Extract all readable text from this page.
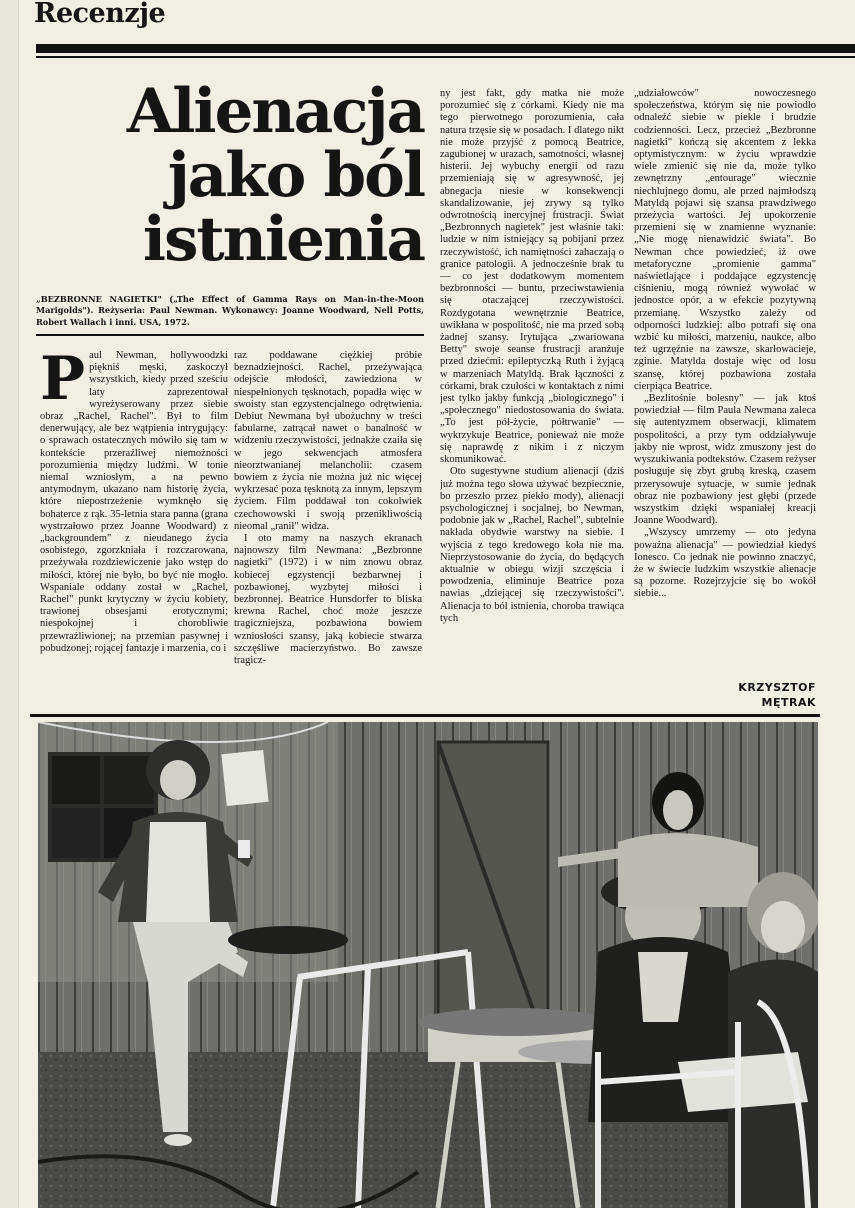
Recenzje
Alienacja
jako ból
istnienia

„BEZBRONNE NAGIETKI" („The Effect of Gamma Rays on Man-in-the-Moon Marigolds"). Reżyseria: Paul Newman. Wykonawcy: Joanne Woodward, Nell Potts, Robert Wallach i inni. USA, 1972.

P aul Newman, hollywoodzki piękniś męski, zaskoczył wszystkich, kiedy przed sześciu laty zaprezentował wyreżyserowany przez siebie obraz „Rachel, Rachel". Był to film denerwujący, ale bez wątpienia intrygujący: o sprawach ostatecznych mówiło się tam w kontekście przeraźliwej niemożności porozumienia między ludźmi. W tonie niemal wzniosłym, a na pewno antymodnym, ukazano nam historię życia, które niepostrzeżenie wymknęło się bohaterce z rąk. 35-letnia stara panna (grana wystrzałowo przez Joanne Woodward) z „backgroundem" z nieudanego życia osobistego, zgorzkniała i rozczarowana, przeżywała rozdziewiczenie jako wstęp do miłości, której nie było, bo być nie mogło. Wspaniale oddany został w „Rachel, Rachel" punkt krytyczny w życiu kobiety, trawionej obsesjami erotycznymi; niespokojnej i chorobliwie przewrażliwionej; na przemian pasywnej i pobudzonej; rojącej fantazje i marzenia, co i

raz poddawane ciężkiej próbie beznadziejności. Rachel, przeżywająca odejście młodości, zawiedziona w niespełnionych tęsknotach, popadła więc w swoisty stan egzystencjalnego odrętwienia. Debiut Newmana był ubożuchny w treści fabularne, zatrącał nawet o banalność w widzeniu rzeczywistości, jednakże czaiła się w jego sekwencjach atmosfera nieorztwanianej melancholii: czasem bowiem z życia nie można już nic więcej wykrzesać poza tęsknotą za innym, lepszym życiem. Film poddawał ton cokolwiek czechowowski i swoją przenikliwością nieomal „ranił" widza.

I oto mamy na naszych ekranach najnowszy film Newmana: „Bezbronne nagietki" (1972) i w nim znowu obraz kobiecej egzystencji bezbarwnej i pozbawionej, wyzbytej miłości i bezbronnej. Beatrice Hunsdorfer to bliska krewna Rachel, choć może jeszcze tragiczniejsza, pozbawiona bowiem wzniosłości szansy, jaką kobiecie stwarza szczęśliwe macierzyństwo. Bo zawsze tragicz-

ny jest fakt, gdy matka nie może porozumieć się z córkami. Kiedy nie ma tego pierwotnego porozumienia, cała natura trzęsie się w posadach. I dlatego nikt nie może przyjść z pomocą Beatrice, zagubionej w urazach, samotności, własnej histerii. Jej wybuchy energii od razu przemieniają się w agresywność, jej abnegacja niesie w konsekwencji skandalizowanie, jej zrywy są tylko odwrotnością inercyjnej frustracji. Świat „Bezbronnych nagietek" jest właśnie taki: ludzie w nim istniejący są pobijani przez rzeczywistość, ich namiętności zahaczają o granice patologii. A jednocześnie brak tu — co jest dodatkowym momentem bezbronności — buntu, przeciwstawienia się otaczającej rzeczywistości. Rozdygotana wewnętrznie Beatrice, uwikłana w pospolitość, nie ma przed sobą żadnej szansy. Irytująca „zwariowana Betty" swoje seanse frustracji aranżuje przed dziećmi: epileptyczką Ruth i żyjącą w marzeniach Matyldą. Brak łączności z córkami, brak czułości w kontaktach z nimi jest tylko jakby funkcją „biologicznego" i „społecznego" niedostosowania do świata. „To jest pół-życie, półtrwanie" — wykrzykuje Beatrice, ponieważ nie może się naprawdę z nikim i z niczym skomunikować.

Oto sugestywne studium alienacji (dziś już można tego słowa używać bezpiecznie, bo przeszło przez piekło mody), alienacji psychologicznej i socjalnej, bo Newman, podobnie jak w „Rachel, Rachel", subtelnie nakłada obydwie warstwy na siebie. I wyjścia z tego kredowego koła nie ma. Nieprzystosowanie do życia, do będących aktualnie w obiegu wizji szczęścia i powodzenia, eliminuje Beatrice poza nawias „dziejącej się rzeczywistości". Alienacja to ból istnienia, choroba trawiąca tych

„udziałowców" nowoczesnego społeczeństwa, którym się nie powiodło odnaleźć siebie w piekle i brudzie codzienności. Lecz, przecież „Bezbronne nagietki" kończą się akcentem z lekka optymistycznym: w życiu wprawdzie wiele zmienić się nie da, może tylko zewnętrzny „entourage" wiecznie niechlujnego domu, ale przed najmłodszą Matyldą pojawi się szansa prawdziwego przeżycia wartości. Jej upokorzenie przemieni się w znamienne wyznanie: „Nie mogę nienawidzić świata". Bo Newman chce powiedzieć, iż owe metaforyczne „promienie gamma" naświetlające i poddające egzystencję ciśnieniu, mogą również wywołać w jednostce opór, a w efekcie pozytywną przemianę. Wszystko zależy od odporności ludzkiej: albo potrafi się ona wzbić ku miłości, marzeniu, naukce, albo też ugrzęźnie na zawsze, skarłowacieje, zginie. Matylda dostaje więc od losu szansę, której pozbawiona została cierpiąca Beatrice.

„Bezlitośnie bolesny" — jak ktoś powiedział — film Paula Newmana zaleca się autentyzmem obserwacji, klimatem pospolitości, a przy tym oddziaływuje jakby nie wprost, widz zmuszony jest do wyszukiwania podtekstów. Czasem reżyser posługuje się zbyt grubą kreską, czasem przerysowuje sytuacje, w sumie jednak obraz nie pozbawiony jest głębi (przede wszystkim dzięki wspaniałej kreacji Joanne Woodward).

„Wszyscy umrzemy — oto jedyna poważna alienacja" — powiedział kiedyś Ionesco. Co jednak nie powinno znaczyć, że w świecie ludzkim wszystkie alienacje są pozorne. Rozejrzyjcie się bo wokół siebie...

KRZYSZTOF
MĘTRAK
